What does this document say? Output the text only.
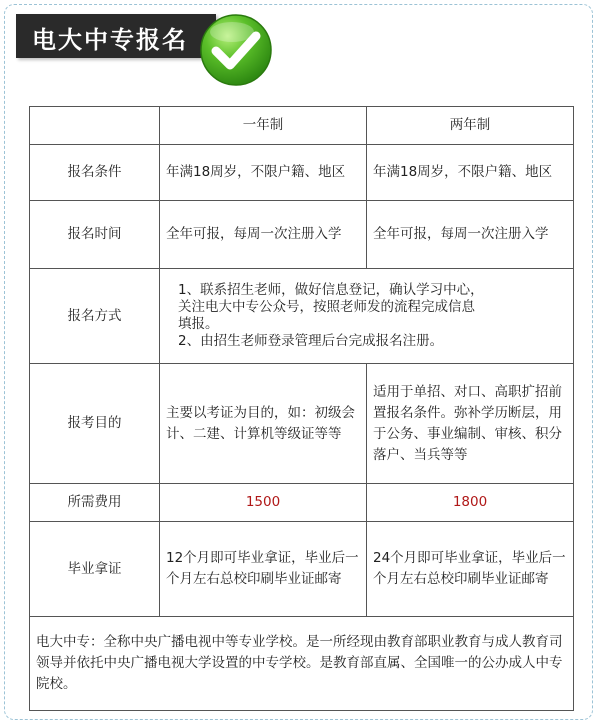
电大中专报名
	一年制	两年制
报名条件	年满18周岁，不限户籍、地区	年满18周岁，不限户籍、地区
报名时间	全年可报，每周一次注册入学	全年可报，每周一次注册入学
报名方式	1、联系招生老师，做好信息登记，确认学习中心，
关注电大中专公众号，按照老师发的流程完成信息
填报。
2、由招生老师登录管理后台完成报名注册。	

报考目的	主要以考证为目的，如：初级会计、二建、计算机等级证等等	适用于单招、对口、高职扩招前置报名条件。弥补学历断层，用于公务、事业编制、审核、积分落户、当兵等等
所需费用	1500	1800
毕业拿证	12个月即可毕业拿证，毕业后一个月左右总校印刷毕业证邮寄	24个月即可毕业拿证，毕业后一个月左右总校印刷毕业证邮寄
电大中专：全称中央广播电视中等专业学校。是一所经现由教育部职业教育与成人教育司领导并依托中央广播电视大学设置的中专学校。是教育部直属、全国唯一的公办成人中专院校。		
